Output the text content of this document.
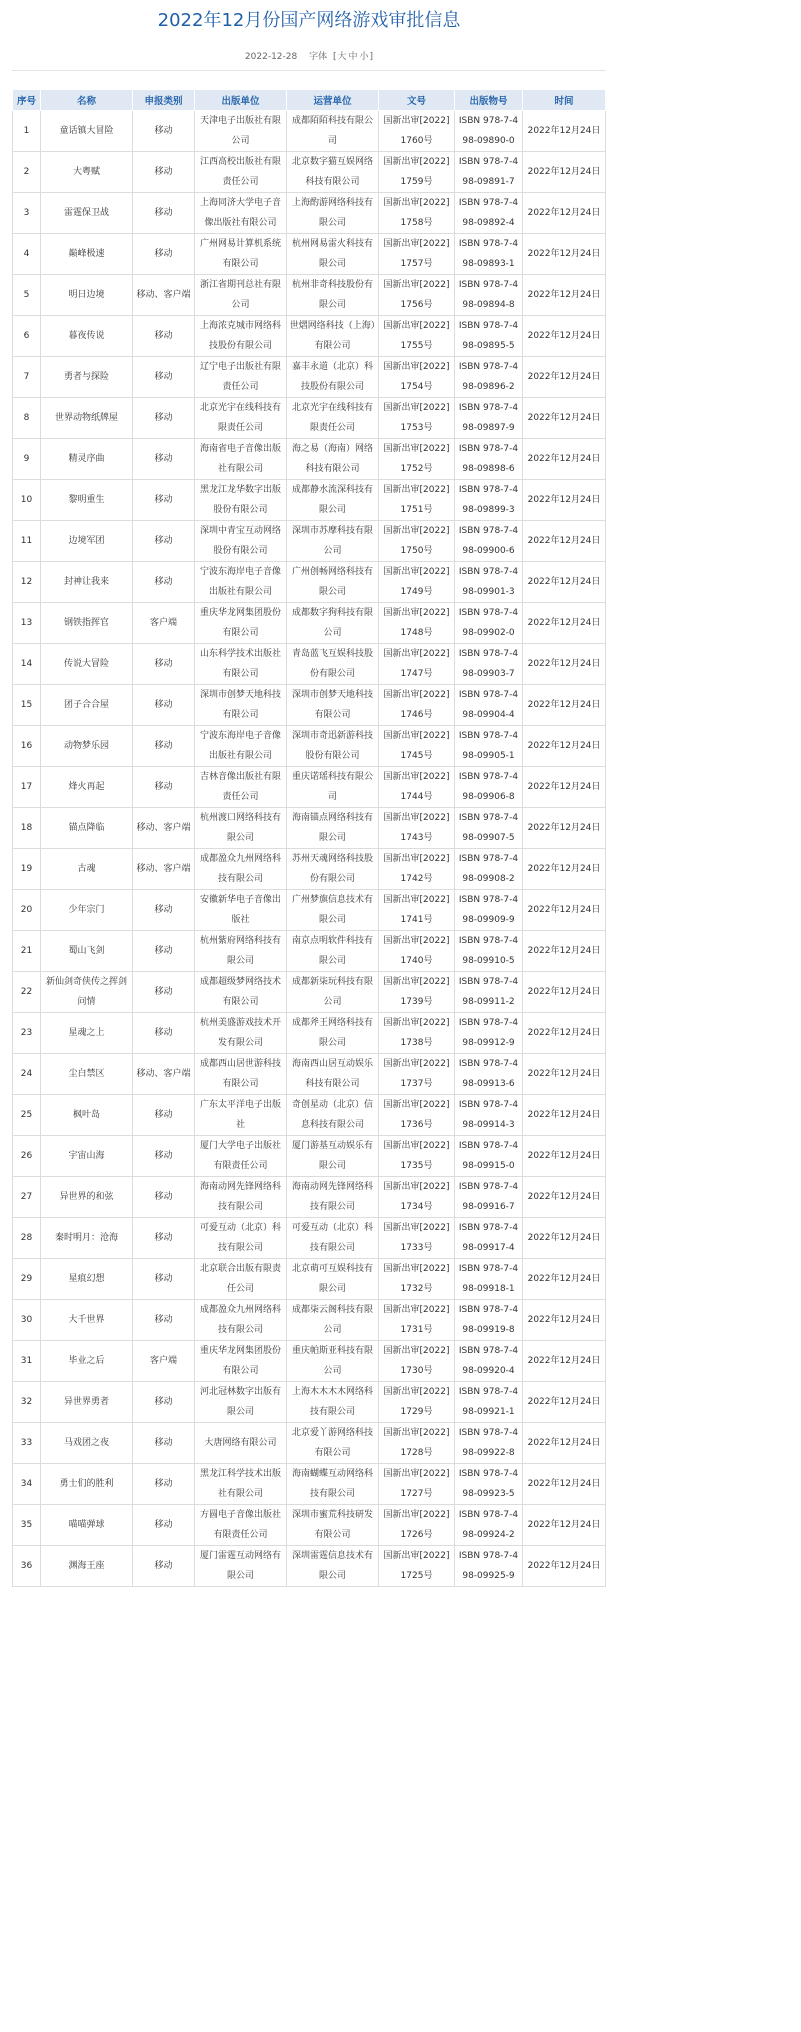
2022年12月份国产网络游戏审批信息
2022-12-28 字体 [大 中 小]
序号	名称	申报类别	出版单位	运营单位	文号	出版物号	时间
1	童话镇大冒险	移动	天津电子出版社有限公司	成都陌陌科技有限公司	国新出审[2022]1760号	ISBN 978-7-498-09890-0	2022年12月24日
2	大粤赋	移动	江西高校出版社有限责任公司	北京数字猫互娱网络科技有限公司	国新出审[2022]1759号	ISBN 978-7-498-09891-7	2022年12月24日
3	雷霆保卫战	移动	上海同济大学电子音像出版社有限公司	上海酌游网络科技有限公司	国新出审[2022]1758号	ISBN 978-7-498-09892-4	2022年12月24日
4	巅峰极速	移动	广州网易计算机系统有限公司	杭州网易雷火科技有限公司	国新出审[2022]1757号	ISBN 978-7-498-09893-1	2022年12月24日
5	明日边境	移动、客户端	浙江省期刊总社有限公司	杭州非奇科技股份有限公司	国新出审[2022]1756号	ISBN 978-7-498-09894-8	2022年12月24日
6	暮夜传说	移动	上海浓克城市网络科技股份有限公司	世熠网络科技（上海）有限公司	国新出审[2022]1755号	ISBN 978-7-498-09895-5	2022年12月24日
7	勇者与探险	移动	辽宁电子出版社有限责任公司	嘉丰永道（北京）科技股份有限公司	国新出审[2022]1754号	ISBN 978-7-498-09896-2	2022年12月24日
8	世界动物纸牌屋	移动	北京光宇在线科技有限责任公司	北京光宇在线科技有限责任公司	国新出审[2022]1753号	ISBN 978-7-498-09897-9	2022年12月24日
9	精灵序曲	移动	海南省电子音像出版社有限公司	海之易（海南）网络科技有限公司	国新出审[2022]1752号	ISBN 978-7-498-09898-6	2022年12月24日
10	黎明重生	移动	黑龙江龙华数字出版股份有限公司	成都静水流深科技有限公司	国新出审[2022]1751号	ISBN 978-7-498-09899-3	2022年12月24日
11	边境军团	移动	深圳中青宝互动网络股份有限公司	深圳市苏摩科技有限公司	国新出审[2022]1750号	ISBN 978-7-498-09900-6	2022年12月24日
12	封神让我来	移动	宁波东海岸电子音像出版社有限公司	广州创畅网络科技有限公司	国新出审[2022]1749号	ISBN 978-7-498-09901-3	2022年12月24日
13	钢铁指挥官	客户端	重庆华龙网集团股份有限公司	成都数字狗科技有限公司	国新出审[2022]1748号	ISBN 978-7-498-09902-0	2022年12月24日
14	传说大冒险	移动	山东科学技术出版社有限公司	青岛蓝飞互娱科技股份有限公司	国新出审[2022]1747号	ISBN 978-7-498-09903-7	2022年12月24日
15	团子合合屋	移动	深圳市创梦天地科技有限公司	深圳市创梦天地科技有限公司	国新出审[2022]1746号	ISBN 978-7-498-09904-4	2022年12月24日
16	动物梦乐园	移动	宁波东海岸电子音像出版社有限公司	深圳市奇迅新游科技股份有限公司	国新出审[2022]1745号	ISBN 978-7-498-09905-1	2022年12月24日
17	烽火再起	移动	吉林音像出版社有限责任公司	重庆诺瑶科技有限公司	国新出审[2022]1744号	ISBN 978-7-498-09906-8	2022年12月24日
18	锚点降临	移动、客户端	杭州渡口网络科技有限公司	海南锚点网络科技有限公司	国新出审[2022]1743号	ISBN 978-7-498-09907-5	2022年12月24日
19	古魂	移动、客户端	成都盈众九州网络科技有限公司	苏州天魂网络科技股份有限公司	国新出审[2022]1742号	ISBN 978-7-498-09908-2	2022年12月24日
20	少年宗门	移动	安徽新华电子音像出版社	广州梦旗信息技术有限公司	国新出审[2022]1741号	ISBN 978-7-498-09909-9	2022年12月24日
21	蜀山飞剑	移动	杭州紫府网络科技有限公司	南京点明软件科技有限公司	国新出审[2022]1740号	ISBN 978-7-498-09910-5	2022年12月24日
22	新仙剑奇侠传之挥剑问情	移动	成都超级梦网络技术有限公司	成都新柒玩科技有限公司	国新出审[2022]1739号	ISBN 978-7-498-09911-2	2022年12月24日
23	星魂之上	移动	杭州美盛游戏技术开发有限公司	成都斧王网络科技有限公司	国新出审[2022]1738号	ISBN 978-7-498-09912-9	2022年12月24日
24	尘白禁区	移动、客户端	成都西山居世游科技有限公司	海南西山居互动娱乐科技有限公司	国新出审[2022]1737号	ISBN 978-7-498-09913-6	2022年12月24日
25	枫叶岛	移动	广东太平洋电子出版社	奇创星动（北京）信息科技有限公司	国新出审[2022]1736号	ISBN 978-7-498-09914-3	2022年12月24日
26	宇宙山海	移动	厦门大学电子出版社有限责任公司	厦门游基互动娱乐有限公司	国新出审[2022]1735号	ISBN 978-7-498-09915-0	2022年12月24日
27	异世界的和弦	移动	海南动网先锋网络科技有限公司	海南动网先锋网络科技有限公司	国新出审[2022]1734号	ISBN 978-7-498-09916-7	2022年12月24日
28	秦时明月：沧海	移动	可爱互动（北京）科技有限公司	可爱互动（北京）科技有限公司	国新出审[2022]1733号	ISBN 978-7-498-09917-4	2022年12月24日
29	星痕幻想	移动	北京联合出版有限责任公司	北京萌可互娱科技有限公司	国新出审[2022]1732号	ISBN 978-7-498-09918-1	2022年12月24日
30	大千世界	移动	成都盈众九州网络科技有限公司	成都柒云阁科技有限公司	国新出审[2022]1731号	ISBN 978-7-498-09919-8	2022年12月24日
31	毕业之后	客户端	重庆华龙网集团股份有限公司	重庆帕斯亚科技有限公司	国新出审[2022]1730号	ISBN 978-7-498-09920-4	2022年12月24日
32	异世界勇者	移动	河北冠林数字出版有限公司	上海木木木木网络科技有限公司	国新出审[2022]1729号	ISBN 978-7-498-09921-1	2022年12月24日
33	马戏团之夜	移动	大唐网络有限公司	北京爱丫游网络科技有限公司	国新出审[2022]1728号	ISBN 978-7-498-09922-8	2022年12月24日
34	勇士们的胜利	移动	黑龙江科学技术出版社有限公司	海南蝴蝶互动网络科技有限公司	国新出审[2022]1727号	ISBN 978-7-498-09923-5	2022年12月24日
35	喵喵弹球	移动	方圆电子音像出版社有限责任公司	深圳市蜜荒科技研发有限公司	国新出审[2022]1726号	ISBN 978-7-498-09924-2	2022年12月24日
36	渊海王座	移动	厦门雷霆互动网络有限公司	深圳雷霆信息技术有限公司	国新出审[2022]1725号	ISBN 978-7-498-09925-9	2022年12月24日
